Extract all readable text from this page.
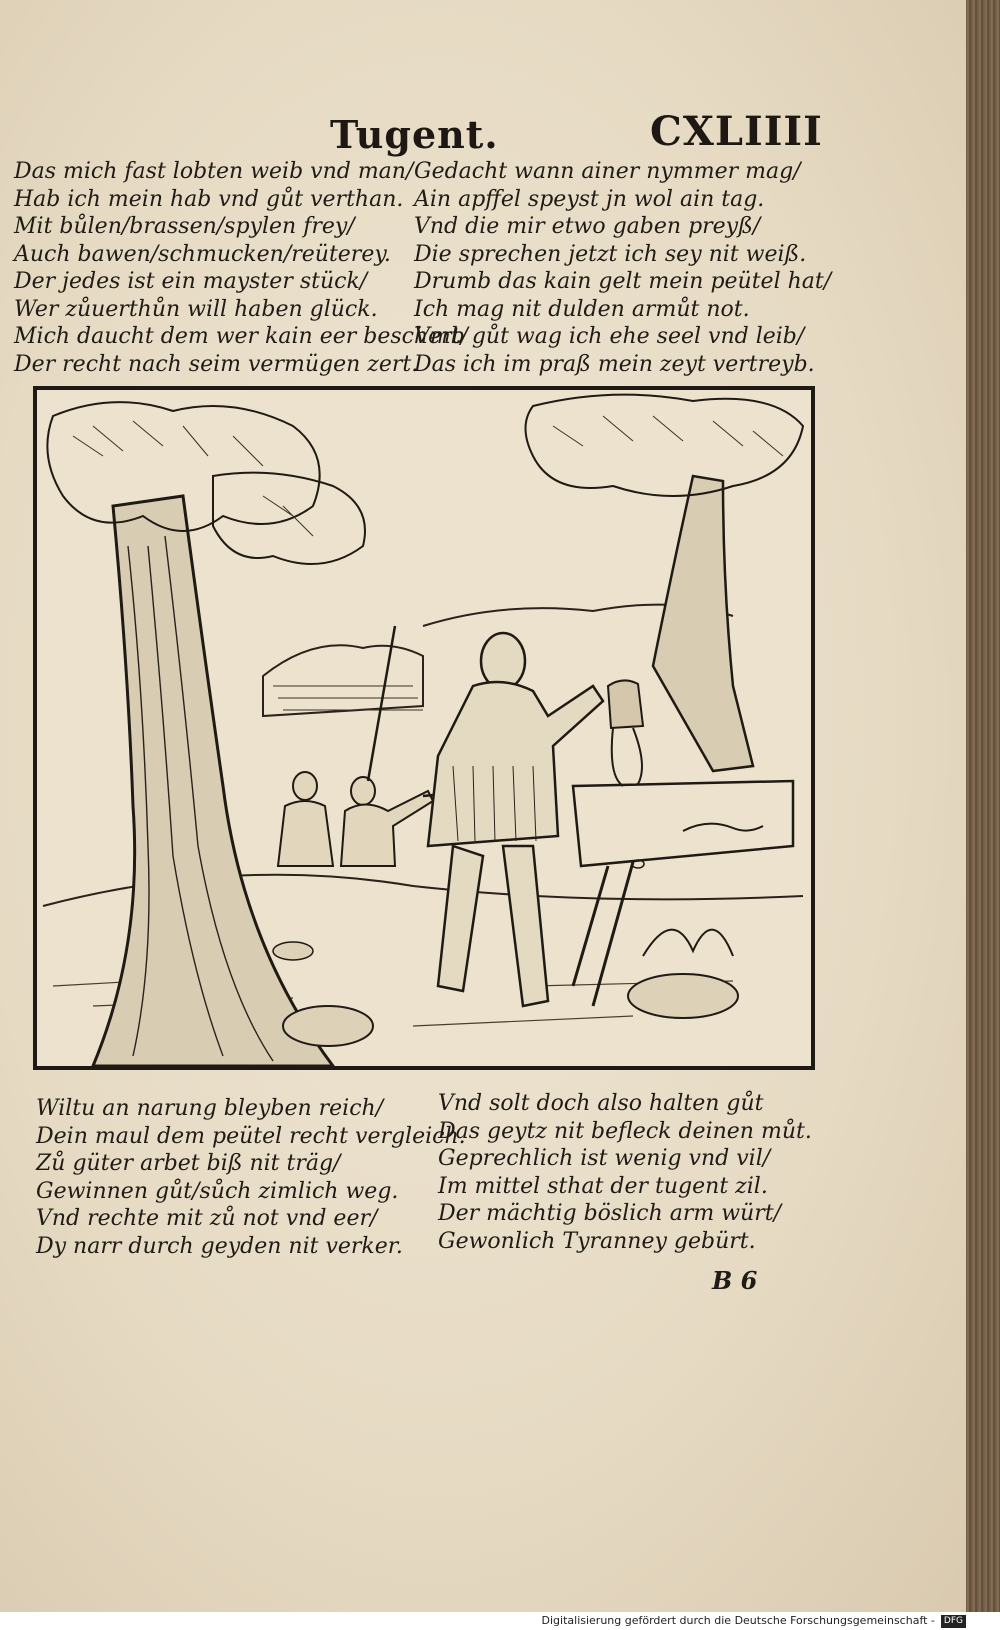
Tugent.	CXLIIII
Das mich fast lobten weib vnd man/
Hab ich mein hab vnd gůt verthan.
Mit bůlen/brassen/spylen frey/
Auch bawen/schmucken/reüterey.
Der jedes ist ein mayster stück/
Wer zůuerthůn will haben glück.
Mich daucht dem wer kain eer beschert/
Der recht nach seim vermügen zert.
Gedacht wann ainer nymmer mag/
Ain apffel speyst jn wol ain tag.
Vnd die mir etwo gaben preyß/
Die sprechen jetzt ich sey nit weiß.
Drumb das kain gelt mein peütel hat/
Ich mag nit dulden armůt not.
Vmb gůt wag ich ehe seel vnd leib/
Das ich im praß mein zeyt vertreyb.
Wiltu an narung bleyben reich/
Dein maul dem peütel recht vergleich.
Zů güter arbet biß nit träg/
Gewinnen gůt/sůch zimlich weg.
Vnd rechte mit zů not vnd eer/
Dy narr durch geyden nit verker.
Vnd solt doch also halten gůt
Das geytz nit befleck deinen můt.
Geprechlich ist wenig vnd vil/
Im mittel sthat der tugent zil.
Der mächtig böslich arm würt/
Gewonlich Tyranney gebürt.
B 6
Digitalisierung gefördert durch die Deutsche Forschungsgemeinschaft - DFG
